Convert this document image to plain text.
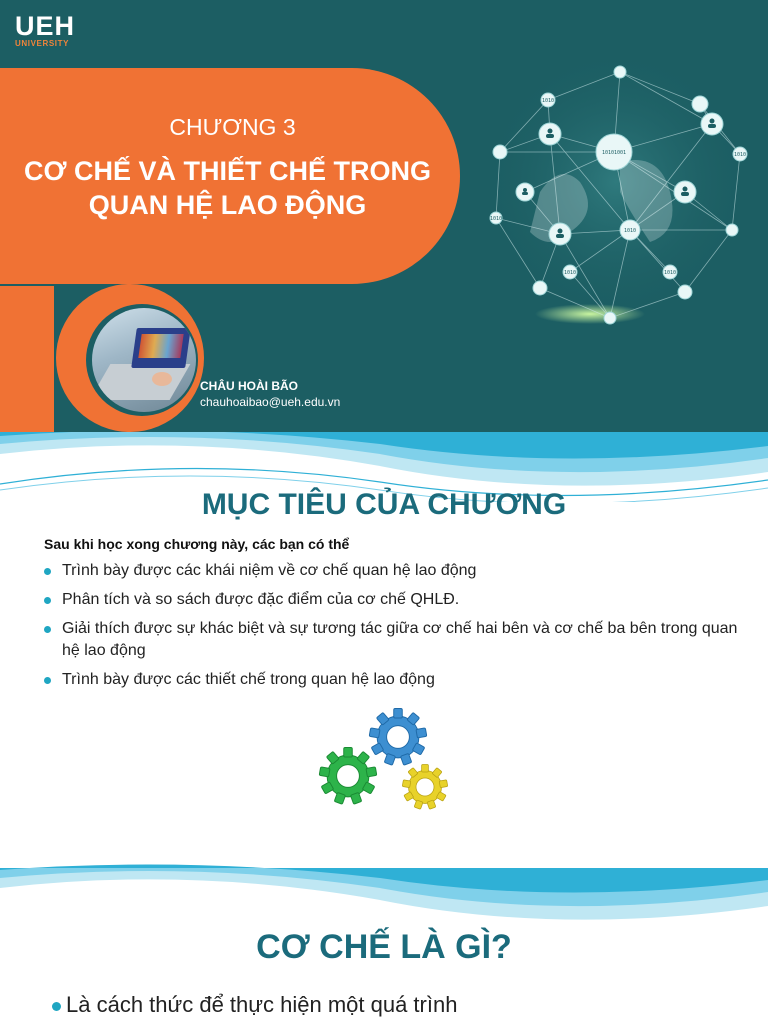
UEH
UNIVERSITY
CHƯƠNG 3
CƠ CHẾ VÀ THIẾT CHẾ TRONG
QUAN HỆ LAO ĐỘNG
CHÂU HOÀI BÃO
chauhoaibao@ueh.edu.vn
10101001
1010
1010
1010
1010	1010
1010
MỤC TIÊU CỦA CHƯƠNG
Sau khi học xong chương này, các bạn có thể
Trình bày được các khái niệm về cơ chế quan hệ lao động
Phân tích và so sách được đặc điểm của cơ chế QHLĐ.
Giải thích được sự khác biệt và sự tương tác giữa cơ chế hai bên và cơ chế ba bên trong quan hệ lao động
Trình bày được các thiết chế trong quan hệ lao động
CƠ CHẾ LÀ GÌ?
Là cách thức để thực hiện một quá trình
